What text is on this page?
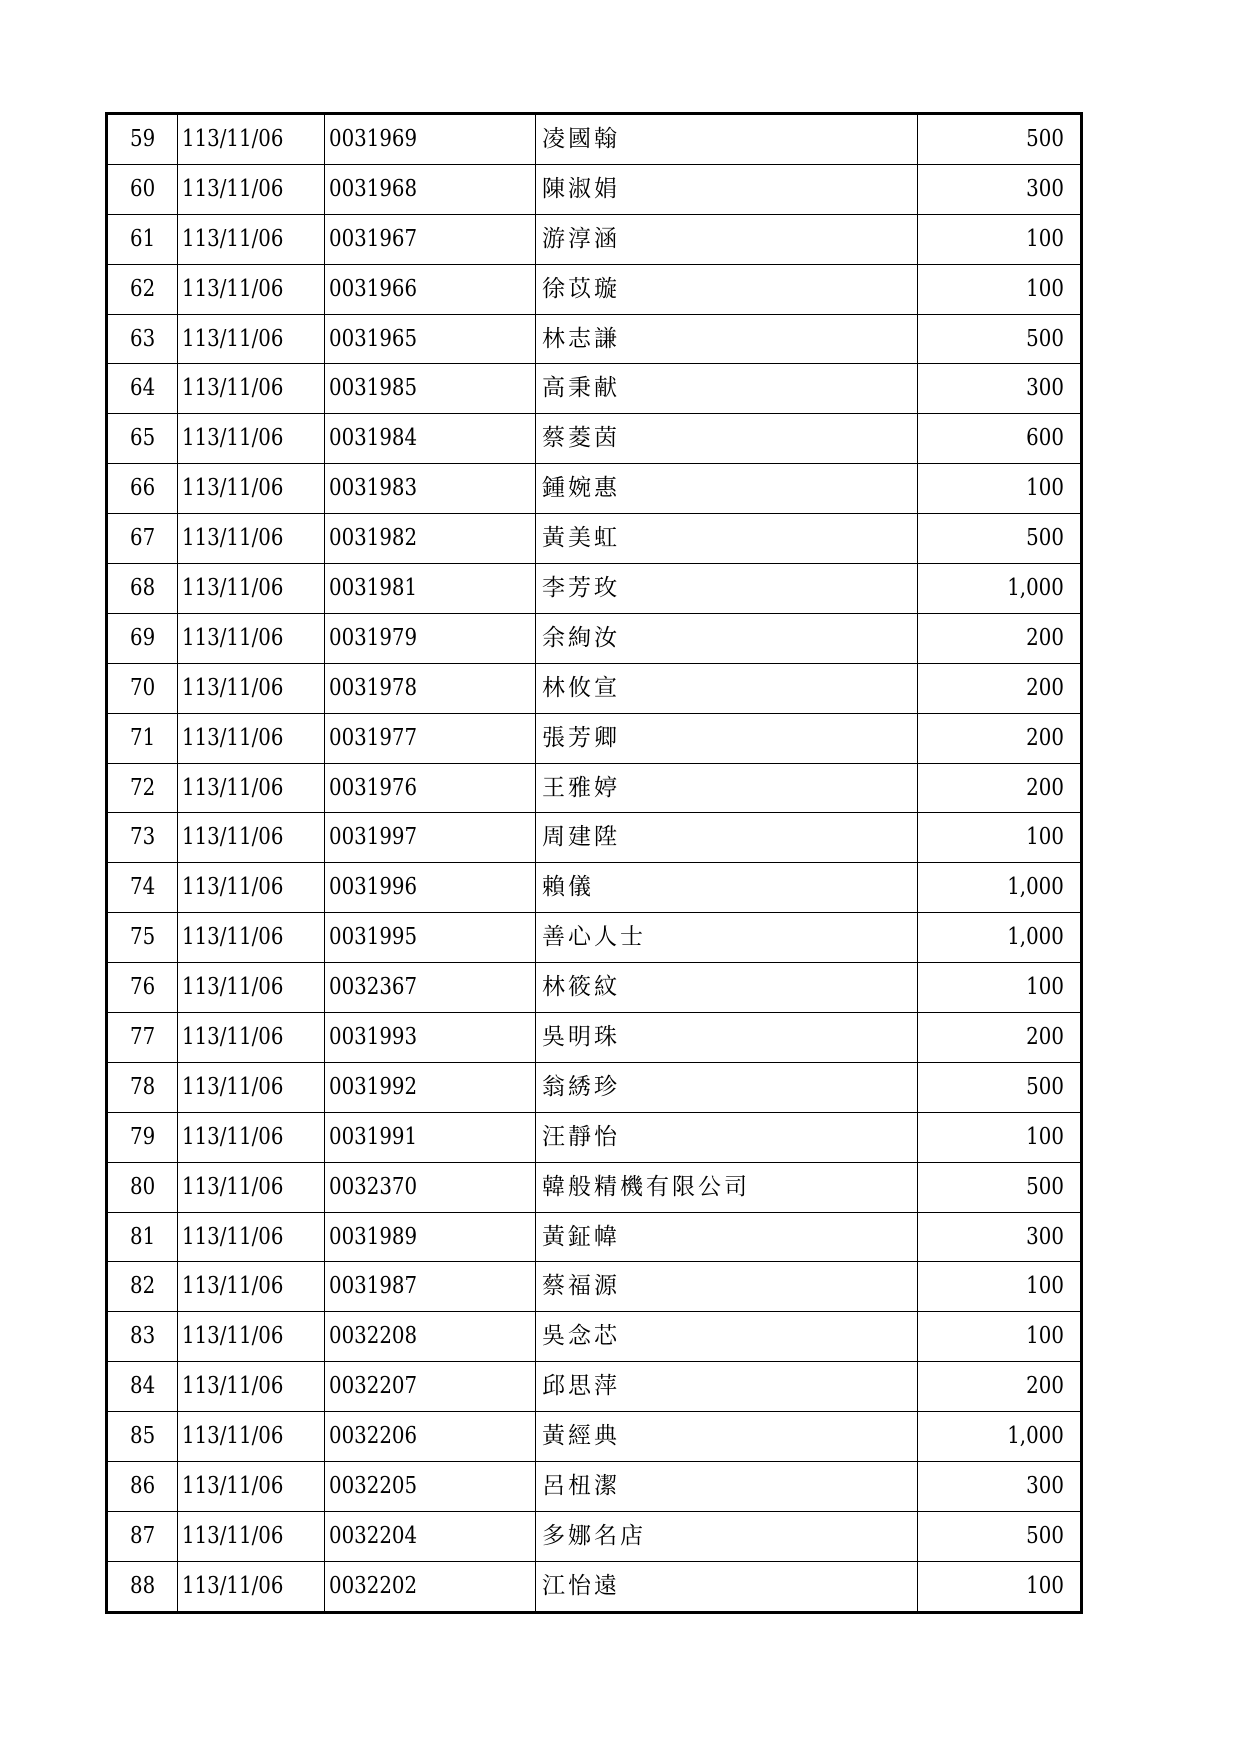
59	113/11/06	0031969	凌國翰	500
60	113/11/06	0031968	陳淑娟	300
61	113/11/06	0031967	游淳涵	100
62	113/11/06	0031966	徐苡璇	100
63	113/11/06	0031965	林志謙	500
64	113/11/06	0031985	高秉献	300
65	113/11/06	0031984	蔡菱茵	600
66	113/11/06	0031983	鍾婉惠	100
67	113/11/06	0031982	黃美虹	500
68	113/11/06	0031981	李芳玫	1,000
69	113/11/06	0031979	余絢汝	200
70	113/11/06	0031978	林攸宣	200
71	113/11/06	0031977	張芳卿	200
72	113/11/06	0031976	王雅婷	200
73	113/11/06	0031997	周建陞	100
74	113/11/06	0031996	賴儀	1,000
75	113/11/06	0031995	善心人士	1,000
76	113/11/06	0032367	林筱紋	100
77	113/11/06	0031993	吳明珠	200
78	113/11/06	0031992	翁綉珍	500
79	113/11/06	0031991	汪靜怡	100
80	113/11/06	0032370	韓般精機有限公司	500
81	113/11/06	0031989	黃鉦幃	300
82	113/11/06	0031987	蔡福源	100
83	113/11/06	0032208	吳念芯	100
84	113/11/06	0032207	邱思萍	200
85	113/11/06	0032206	黃經典	1,000
86	113/11/06	0032205	呂杻潔	300
87	113/11/06	0032204	多娜名店	500
88	113/11/06	0032202	江怡遠	100
